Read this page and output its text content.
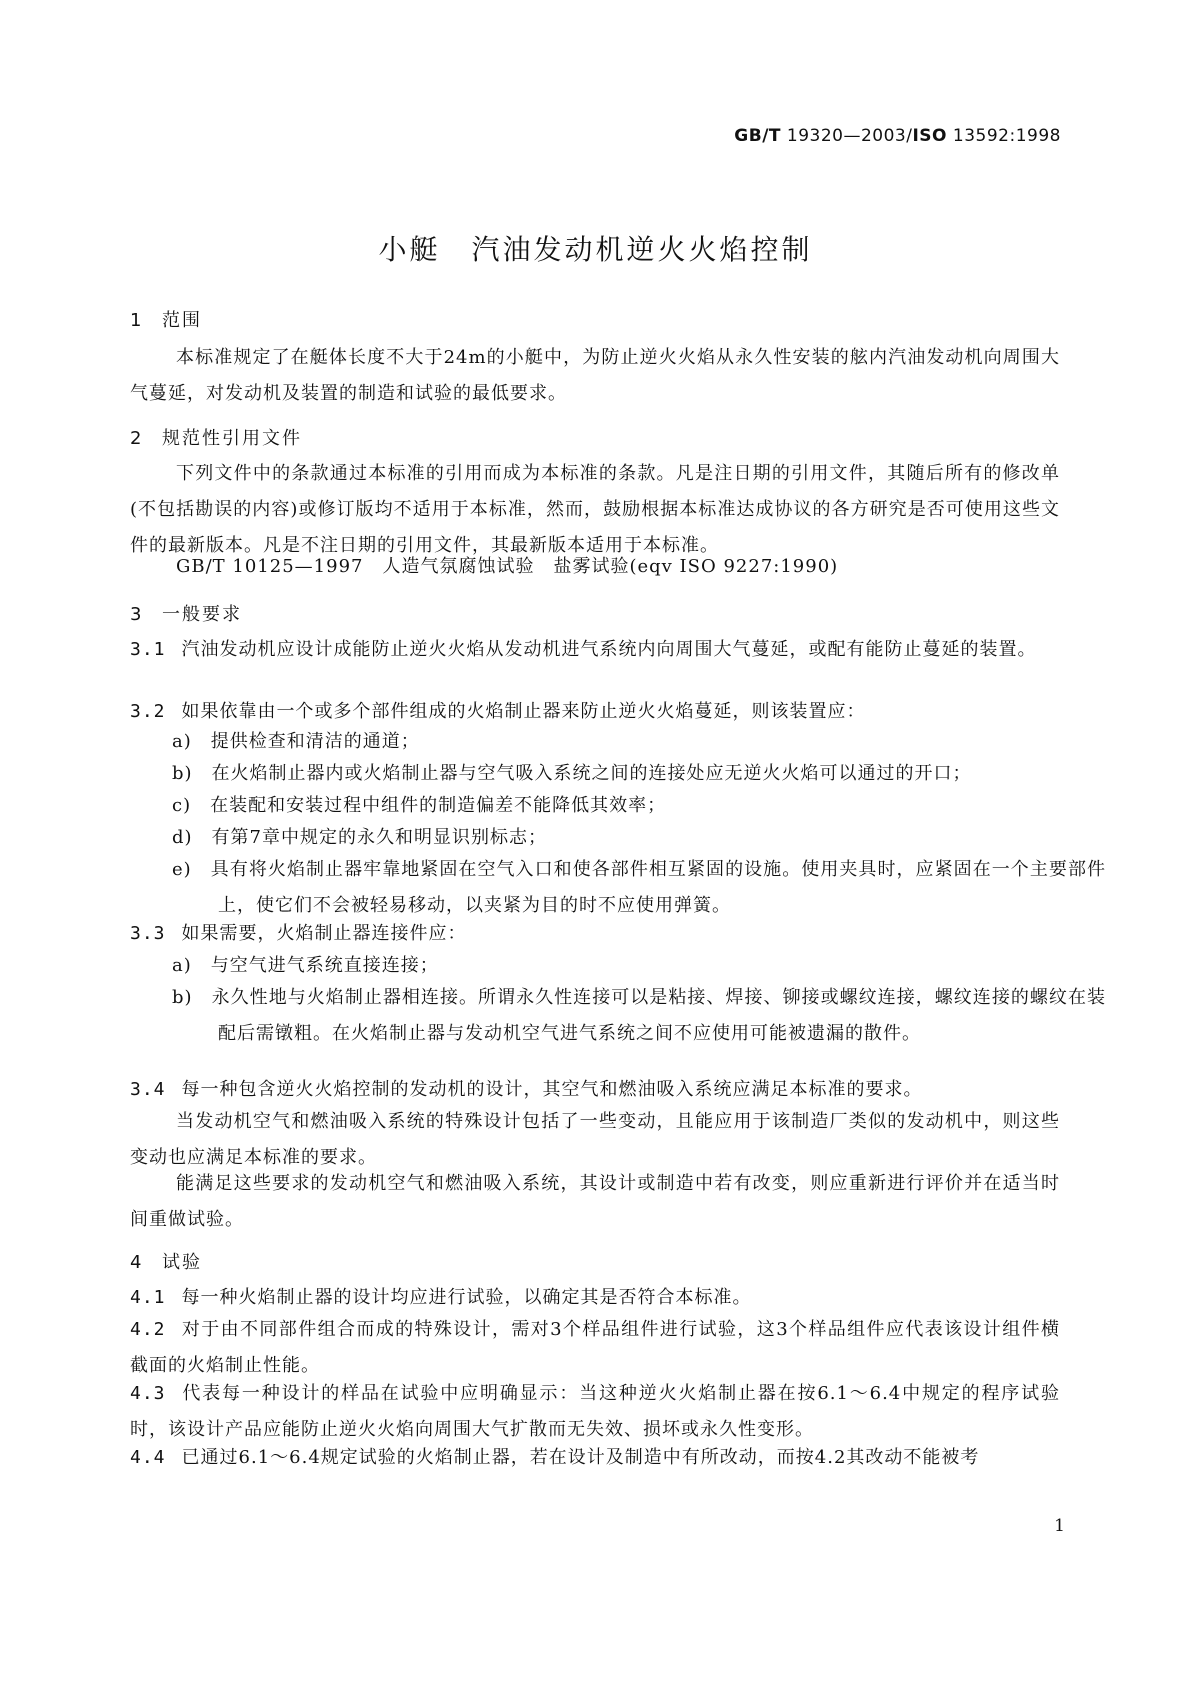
GB/T 19320—2003/ISO 13592:1998
小艇　汽油发动机逆火火焰控制
1 范围
本标准规定了在艇体长度不大于24m的小艇中，为防止逆火火焰从永久性安装的舷内汽油发动机向周围大气蔓延，对发动机及装置的制造和试验的最低要求。
2 规范性引用文件
下列文件中的条款通过本标准的引用而成为本标准的条款。凡是注日期的引用文件，其随后所有的修改单(不包括勘误的内容)或修订版均不适用于本标准，然而，鼓励根据本标准达成协议的各方研究是否可使用这些文件的最新版本。凡是不注日期的引用文件，其最新版本适用于本标准。
GB/T 10125—1997　人造气氛腐蚀试验　盐雾试验(eqv ISO 9227:1990)
3 一般要求
3.1 汽油发动机应设计成能防止逆火火焰从发动机进气系统内向周围大气蔓延，或配有能防止蔓延的装置。
3.2 如果依靠由一个或多个部件组成的火焰制止器来防止逆火火焰蔓延，则该装置应：
a)　提供检查和清洁的通道；
b)　在火焰制止器内或火焰制止器与空气吸入系统之间的连接处应无逆火火焰可以通过的开口；
c)　在装配和安装过程中组件的制造偏差不能降低其效率；
d)　有第7章中规定的永久和明显识别标志；
e)　具有将火焰制止器牢靠地紧固在空气入口和使各部件相互紧固的设施。使用夹具时，应紧固在一个主要部件上，使它们不会被轻易移动，以夹紧为目的时不应使用弹簧。
3.3 如果需要，火焰制止器连接件应：
a)　与空气进气系统直接连接；
b)　永久性地与火焰制止器相连接。所谓永久性连接可以是粘接、焊接、铆接或螺纹连接，螺纹连接的螺纹在装配后需镦粗。在火焰制止器与发动机空气进气系统之间不应使用可能被遗漏的散件。
3.4 每一种包含逆火火焰控制的发动机的设计，其空气和燃油吸入系统应满足本标准的要求。
当发动机空气和燃油吸入系统的特殊设计包括了一些变动，且能应用于该制造厂类似的发动机中，则这些变动也应满足本标准的要求。
能满足这些要求的发动机空气和燃油吸入系统，其设计或制造中若有改变，则应重新进行评价并在适当时间重做试验。
4 试验
4.1 每一种火焰制止器的设计均应进行试验，以确定其是否符合本标准。
4.2 对于由不同部件组合而成的特殊设计，需对3个样品组件进行试验，这3个样品组件应代表该设计组件横截面的火焰制止性能。
4.3 代表每一种设计的样品在试验中应明确显示：当这种逆火火焰制止器在按6.1～6.4中规定的程序试验时，该设计产品应能防止逆火火焰向周围大气扩散而无失效、损坏或永久性变形。
4.4 已通过6.1～6.4规定试验的火焰制止器，若在设计及制造中有所改动，而按4.2其改动不能被考
1
